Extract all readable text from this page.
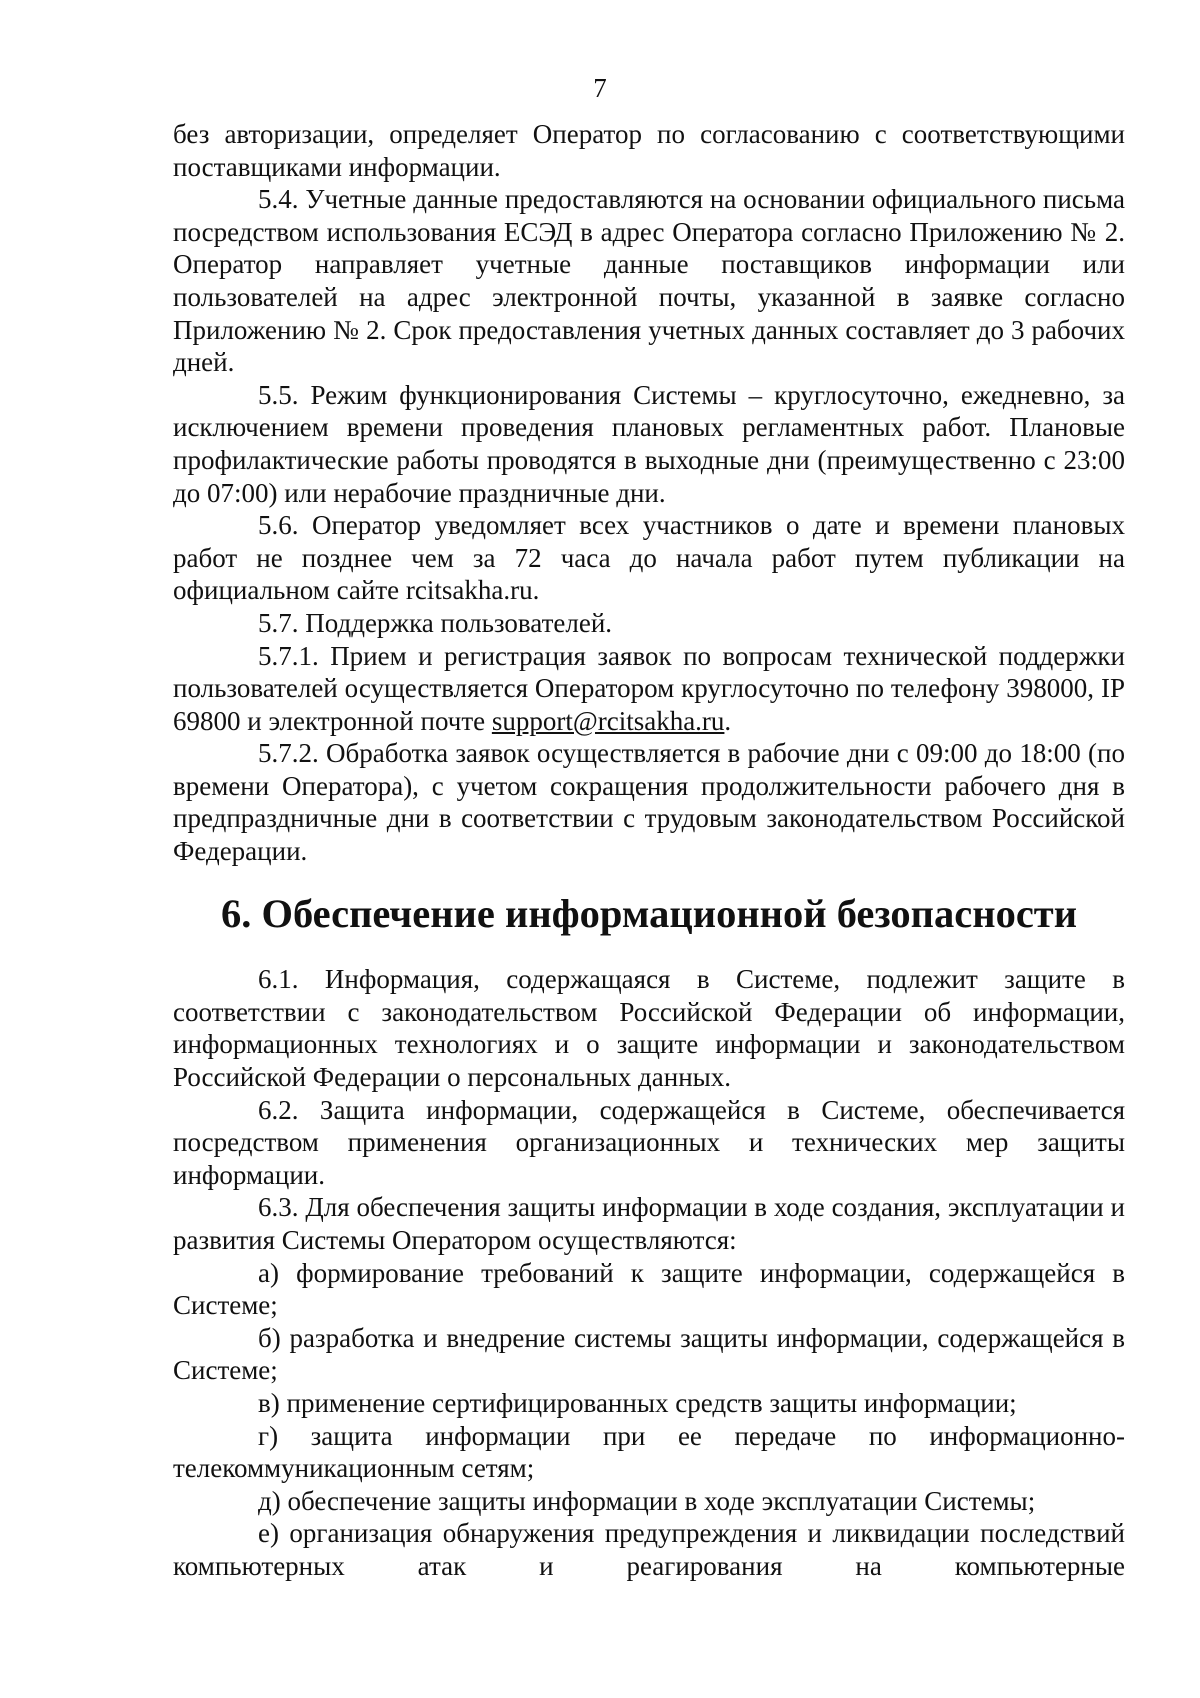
7

без авторизации, определяет Оператор по согласованию с соответствующими поставщиками информации.

5.4. Учетные данные предоставляются на основании официального письма посредством использования ЕСЭД в адрес Оператора согласно Приложению № 2. Оператор направляет учетные данные поставщиков информации или пользователей на адрес электронной почты, указанной в заявке согласно Приложению № 2. Срок предоставления учетных данных составляет до 3 рабочих дней.

5.5. Режим функционирования Системы – круглосуточно, ежедневно, за исключением времени проведения плановых регламентных работ. Плановые профилактические работы проводятся в выходные дни (преимущественно с 23:00 до 07:00) или нерабочие праздничные дни.

5.6. Оператор уведомляет всех участников о дате и времени плановых работ не позднее чем за 72 часа до начала работ путем публикации на официальном сайте rcitsakha.ru.

5.7. Поддержка пользователей.

5.7.1. Прием и регистрация заявок по вопросам технической поддержки пользователей осуществляется Оператором круглосуточно по телефону 398000, IP 69800 и электронной почте support@rcitsakha.ru.

5.7.2. Обработка заявок осуществляется в рабочие дни с 09:00 до 18:00 (по времени Оператора), с учетом сокращения продолжительности рабочего дня в предпраздничные дни в соответствии с трудовым законодательством Российской Федерации.

6. Обеспечение информационной безопасности

6.1. Информация, содержащаяся в Системе, подлежит защите в соответствии с законодательством Российской Федерации об информации, информационных технологиях и о защите информации и законодательством Российской Федерации о персональных данных.

6.2. Защита информации, содержащейся в Системе, обеспечивается посредством применения организационных и технических мер защиты информации.

6.3. Для обеспечения защиты информации в ходе создания, эксплуатации и развития Системы Оператором осуществляются:

а) формирование требований к защите информации, содержащейся в Системе;

б) разработка и внедрение системы защиты информации, содержащейся в Системе;

в) применение сертифицированных средств защиты информации;

г) защита информации при ее передаче по информационно-телекоммуникационным сетям;

д) обеспечение защиты информации в ходе эксплуатации Системы;

е) организация обнаружения предупреждения и ликвидации последствий компьютерных атак и реагирования на компьютерные
